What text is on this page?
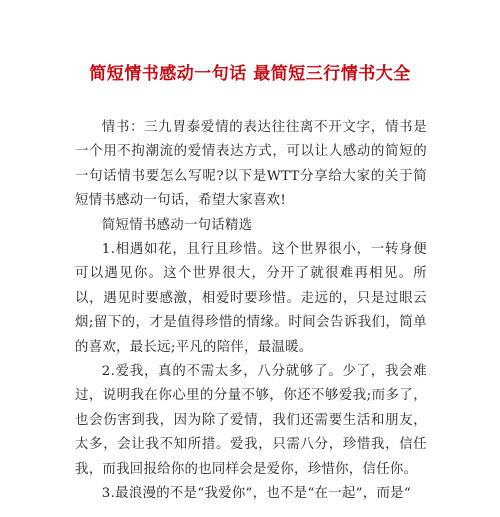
简短情书感动一句话 最简短三行情书大全

情书：三九胃泰爱情的表达往往离不开文字，情书是一个用不拘潮流的爱情表达方式，可以让人感动的简短的一句话情书要怎么写呢?以下是WTT分享给大家的关于简短情书感动一句话，希望大家喜欢!

简短情书感动一句话精选

1.相遇如花，且行且珍惜。这个世界很小，一转身便可以遇见你。这个世界很大，分开了就很难再相见。所以，遇见时要感激，相爱时要珍惜。走远的，只是过眼云烟;留下的，才是值得珍惜的情缘。时间会告诉我们，简单的喜欢，最长远;平凡的陪伴，最温暖。

2.爱我，真的不需太多，八分就够了。少了，我会难过，说明我在你心里的分量不够，你还不够爱我;而多了，也会伤害到我，因为除了爱情，我们还需要生活和朋友，太多，会让我不知所措。爱我，只需八分，珍惜我，信任我，而我回报给你的也同样会是爱你，珍惜你，信任你。

3.最浪漫的不是“我爱你”，也不是“在一起”，而是“
